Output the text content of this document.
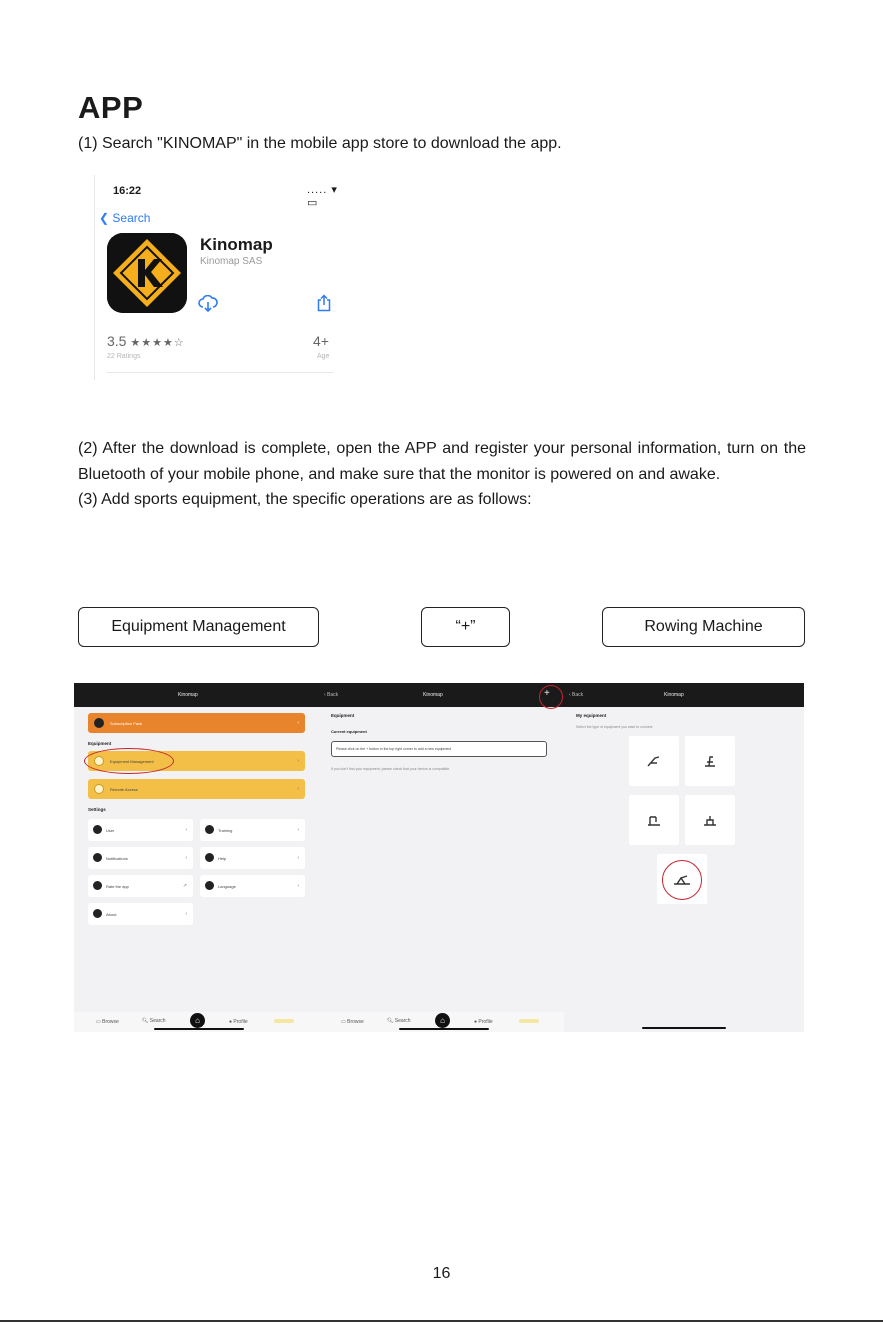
APP
(1) Search "KINOMAP" in the mobile app store to download the app.
16:22	..... ▾ ▭
❮ Search
Kinomap
Kinomap SAS
3.5 ★★★★☆
22 Ratings
4+
Age

(2) After the download is complete, open the APP and register your personal information, turn on the Bluetooth of your mobile phone, and make sure that the monitor is powered on and awake.

(3) Add sports equipment, the specific operations are as follows:

Equipment Management	“+”	Rowing Machine
Kinomap
Subscription Pack	›
Equipment
Equipment Management	›
Remote Access	›
Settings
User	›
Notifications	›
Rate the app	↗
About	›
Training	›
Help	›
Language	›
▭ Browse	🔍︎ Search	⌂	● Profile
‹ Back	Kinomap	+
Equipment
Current equipment
Please click on the + button in the top right corner to add a new equipment
If you don't find your equipment, please check that your device is compatible
▭ Browse	🔍︎ Search	⌂	● Profile
‹ Back	Kinomap
My equipment
Select the type of equipment you want to connect
16
